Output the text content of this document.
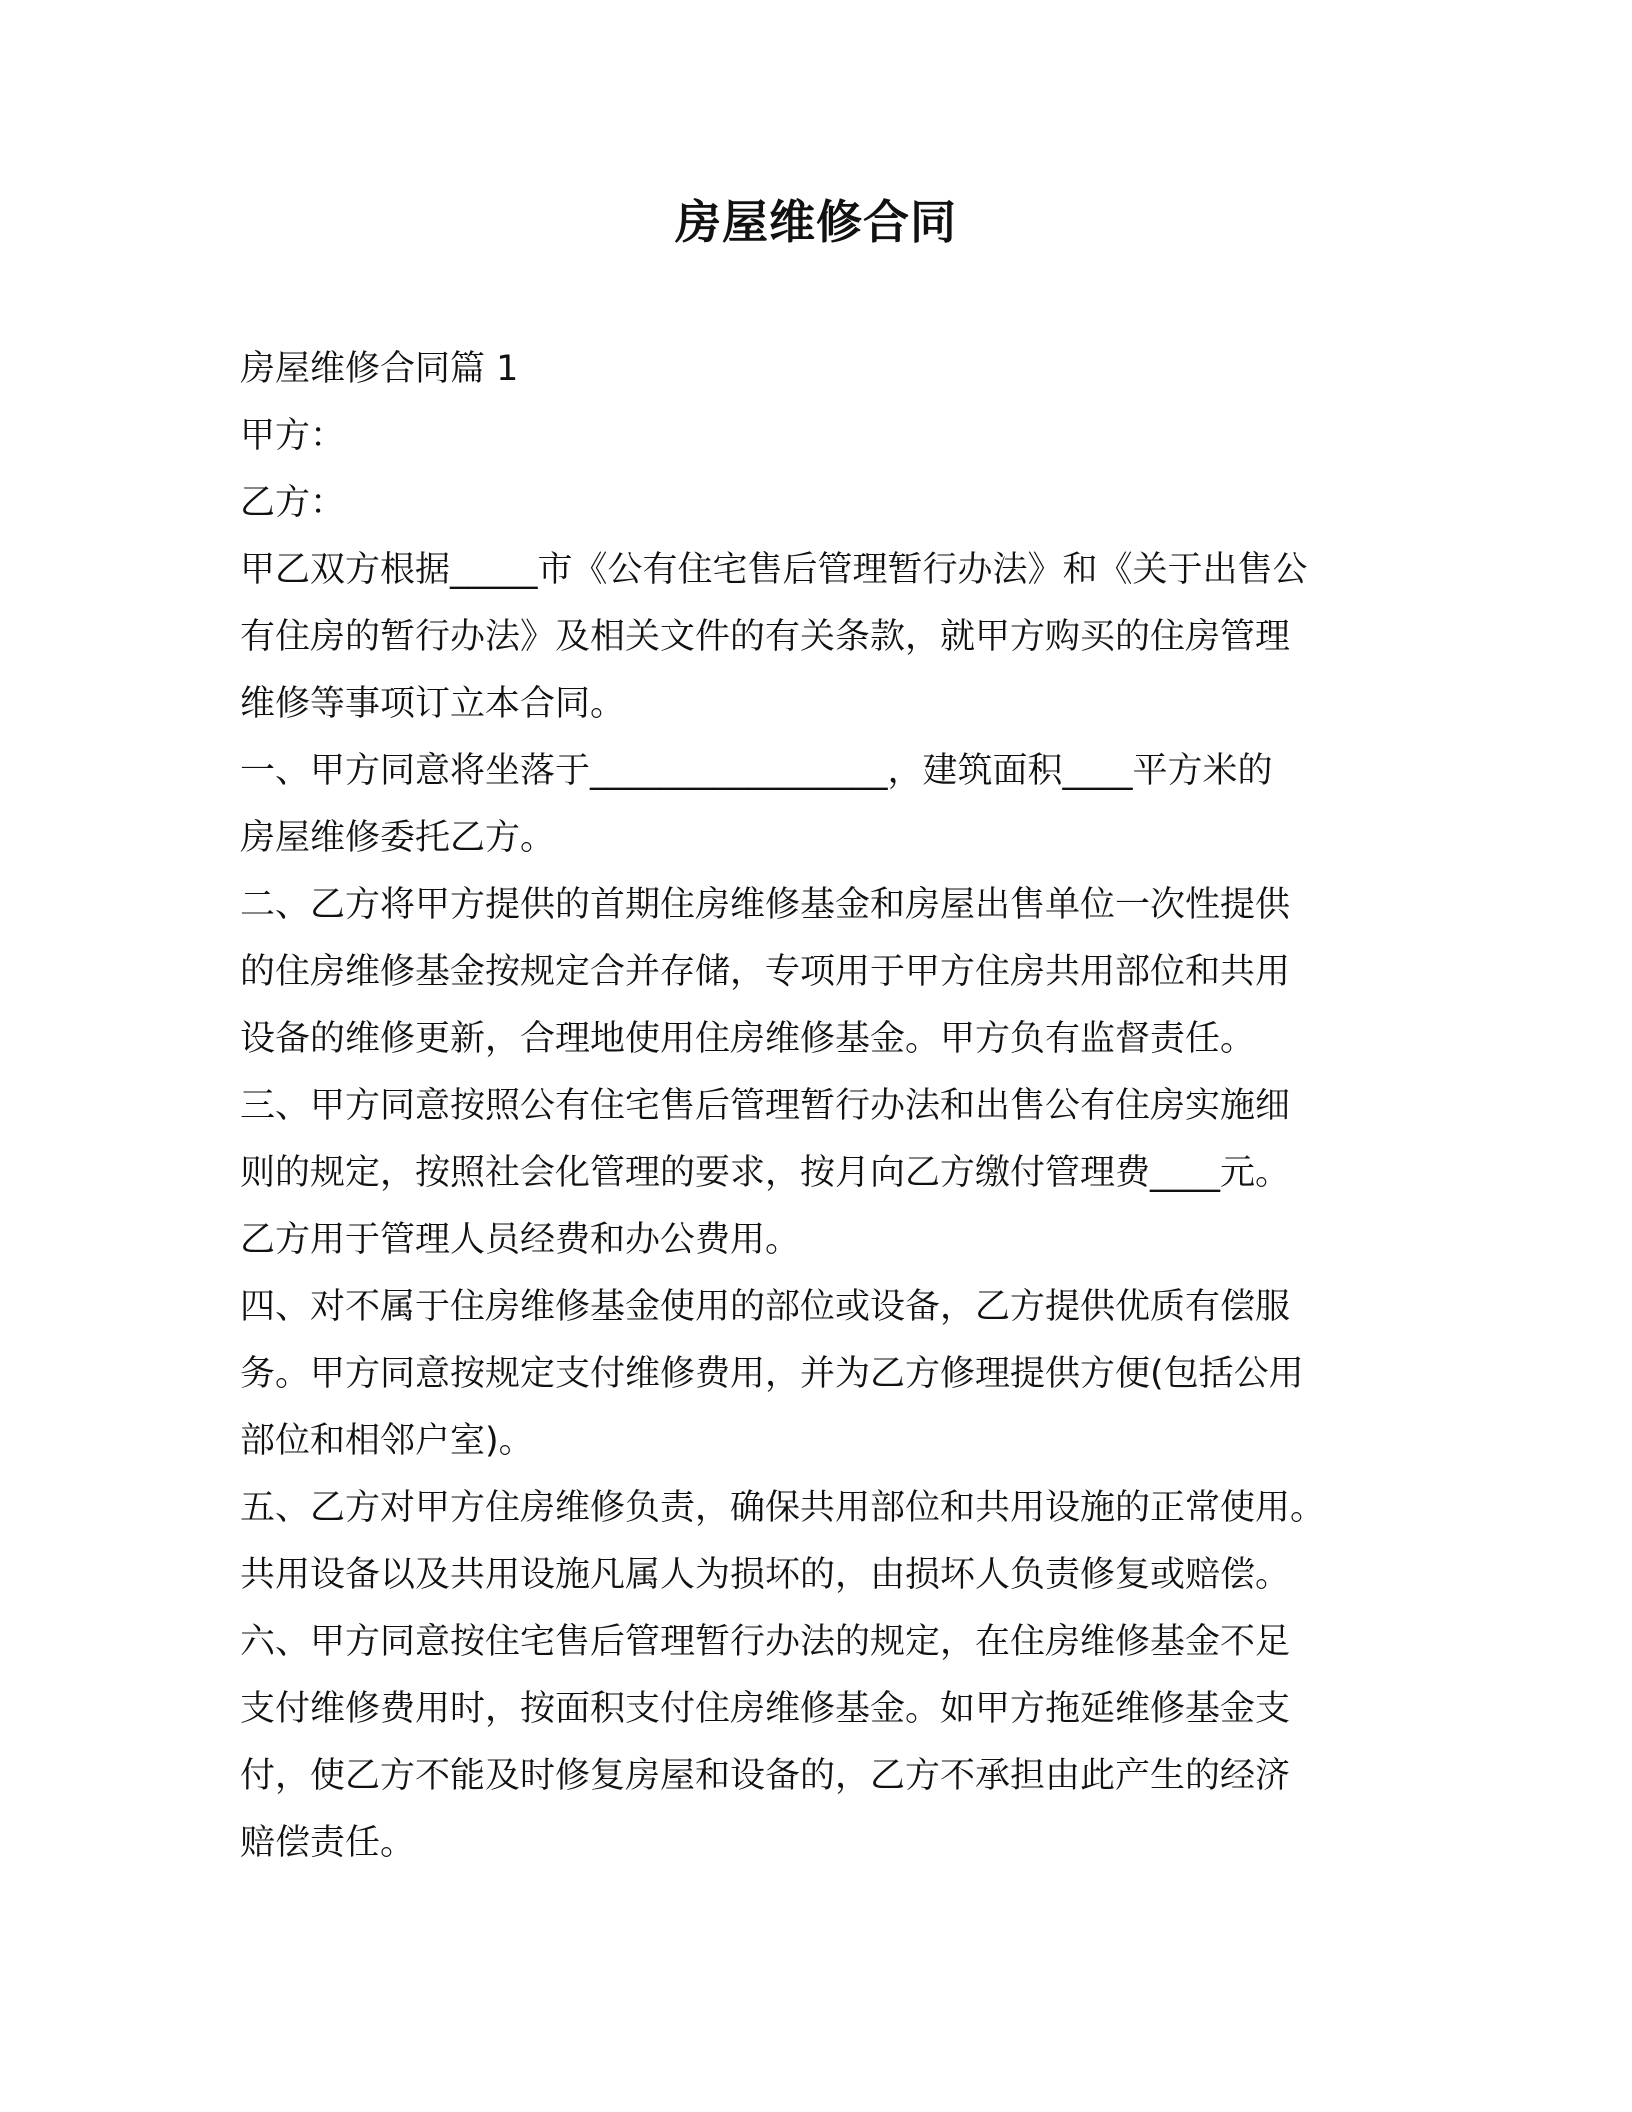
房屋维修合同
房屋维修合同篇 1
甲方：
乙方：
甲乙双方根据_____市《公有住宅售后管理暂行办法》和《关于出售公
有住房的暂行办法》及相关文件的有关条款，就甲方购买的住房管理
维修等事项订立本合同。
一、甲方同意将坐落于_________________，建筑面积____平方米的
房屋维修委托乙方。
二、乙方将甲方提供的首期住房维修基金和房屋出售单位一次性提供
的住房维修基金按规定合并存储，专项用于甲方住房共用部位和共用
设备的维修更新，合理地使用住房维修基金。甲方负有监督责任。
三、甲方同意按照公有住宅售后管理暂行办法和出售公有住房实施细
则的规定，按照社会化管理的要求，按月向乙方缴付管理费____元。
乙方用于管理人员经费和办公费用。
四、对不属于住房维修基金使用的部位或设备，乙方提供优质有偿服
务。甲方同意按规定支付维修费用，并为乙方修理提供方便(包括公用
部位和相邻户室)。
五、乙方对甲方住房维修负责，确保共用部位和共用设施的正常使用。
共用设备以及共用设施凡属人为损坏的，由损坏人负责修复或赔偿。
六、甲方同意按住宅售后管理暂行办法的规定，在住房维修基金不足
支付维修费用时，按面积支付住房维修基金。如甲方拖延维修基金支
付，使乙方不能及时修复房屋和设备的，乙方不承担由此产生的经济
赔偿责任。
